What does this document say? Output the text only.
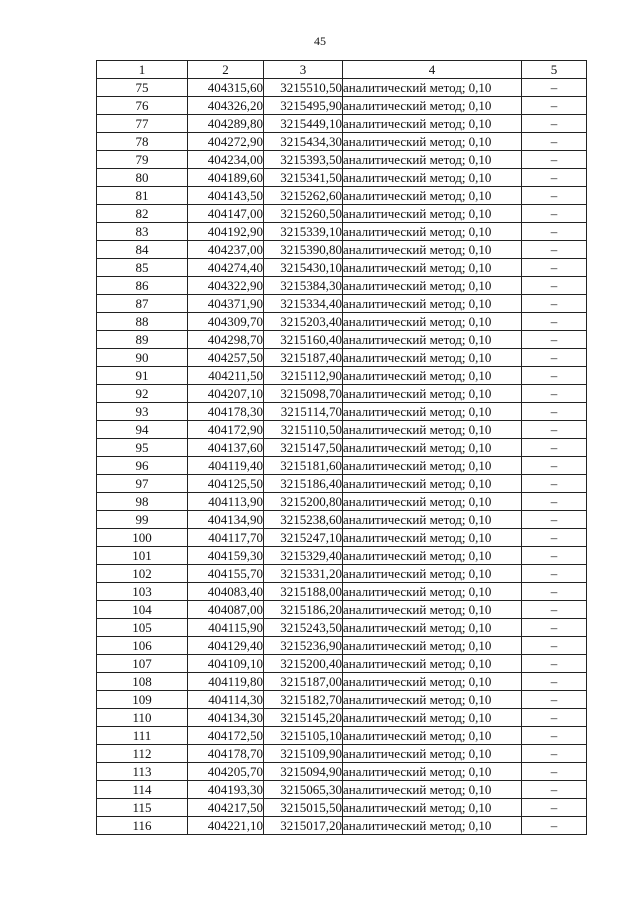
45
1	2	3	4	5
75	404315,60	3215510,50	аналитический метод; 0,10	–
76	404326,20	3215495,90	аналитический метод; 0,10	–
77	404289,80	3215449,10	аналитический метод; 0,10	–
78	404272,90	3215434,30	аналитический метод; 0,10	–
79	404234,00	3215393,50	аналитический метод; 0,10	–
80	404189,60	3215341,50	аналитический метод; 0,10	–
81	404143,50	3215262,60	аналитический метод; 0,10	–
82	404147,00	3215260,50	аналитический метод; 0,10	–
83	404192,90	3215339,10	аналитический метод; 0,10	–
84	404237,00	3215390,80	аналитический метод; 0,10	–
85	404274,40	3215430,10	аналитический метод; 0,10	–
86	404322,90	3215384,30	аналитический метод; 0,10	–
87	404371,90	3215334,40	аналитический метод; 0,10	–
88	404309,70	3215203,40	аналитический метод; 0,10	–
89	404298,70	3215160,40	аналитический метод; 0,10	–
90	404257,50	3215187,40	аналитический метод; 0,10	–
91	404211,50	3215112,90	аналитический метод; 0,10	–
92	404207,10	3215098,70	аналитический метод; 0,10	–
93	404178,30	3215114,70	аналитический метод; 0,10	–
94	404172,90	3215110,50	аналитический метод; 0,10	–
95	404137,60	3215147,50	аналитический метод; 0,10	–
96	404119,40	3215181,60	аналитический метод; 0,10	–
97	404125,50	3215186,40	аналитический метод; 0,10	–
98	404113,90	3215200,80	аналитический метод; 0,10	–
99	404134,90	3215238,60	аналитический метод; 0,10	–
100	404117,70	3215247,10	аналитический метод; 0,10	–
101	404159,30	3215329,40	аналитический метод; 0,10	–
102	404155,70	3215331,20	аналитический метод; 0,10	–
103	404083,40	3215188,00	аналитический метод; 0,10	–
104	404087,00	3215186,20	аналитический метод; 0,10	–
105	404115,90	3215243,50	аналитический метод; 0,10	–
106	404129,40	3215236,90	аналитический метод; 0,10	–
107	404109,10	3215200,40	аналитический метод; 0,10	–
108	404119,80	3215187,00	аналитический метод; 0,10	–
109	404114,30	3215182,70	аналитический метод; 0,10	–
110	404134,30	3215145,20	аналитический метод; 0,10	–
111	404172,50	3215105,10	аналитический метод; 0,10	–
112	404178,70	3215109,90	аналитический метод; 0,10	–
113	404205,70	3215094,90	аналитический метод; 0,10	–
114	404193,30	3215065,30	аналитический метод; 0,10	–
115	404217,50	3215015,50	аналитический метод; 0,10	–
116	404221,10	3215017,20	аналитический метод; 0,10	–
